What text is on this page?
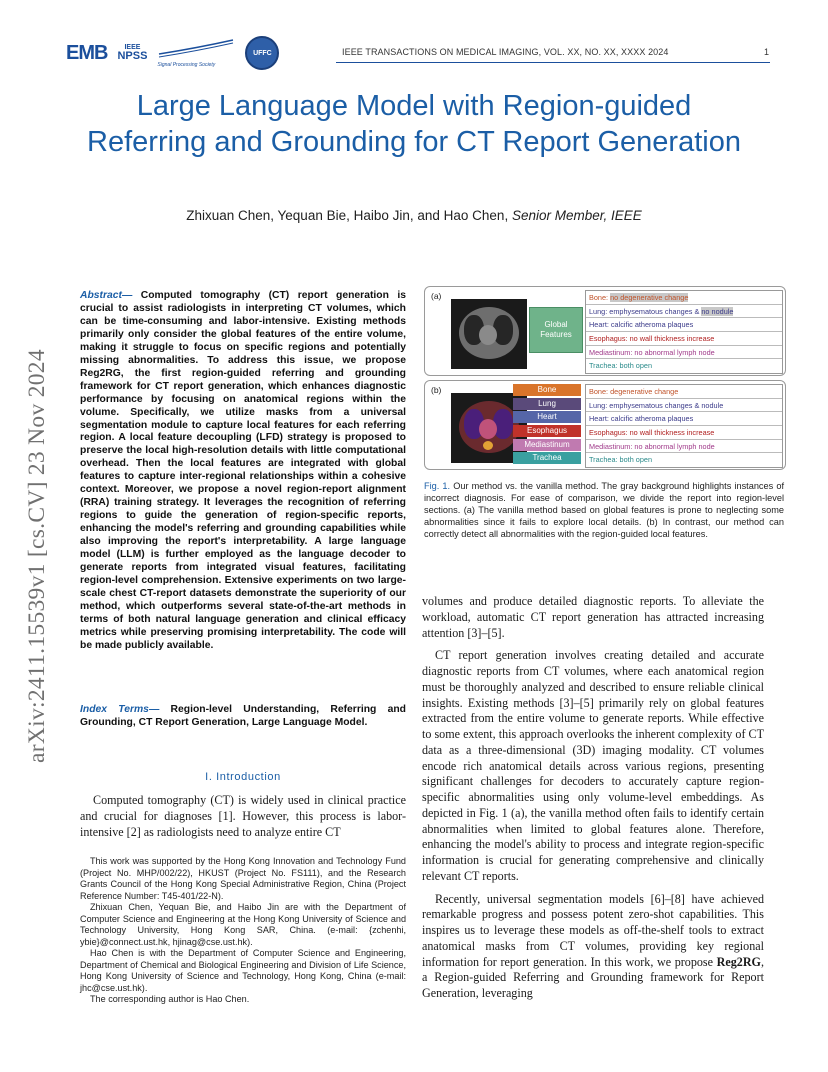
EMB IEEE
NPSS
Signal Processing Society
UFFC	IEEE TRANSACTIONS ON MEDICAL IMAGING, VOL. XX, NO. XX, XXXX 2024	1
Large Language Model with Region-guided Referring and Grounding for CT Report Generation
Zhixuan Chen, Yequan Bie, Haibo Jin, and Hao Chen, Senior Member, IEEE
arXiv:2411.15539v1 [cs.CV] 23 Nov 2024
Abstract— Computed tomography (CT) report generation is crucial to assist radiologists in interpreting CT volumes, which can be time-consuming and labor-intensive. Existing methods primarily only consider the global features of the entire volume, making it struggle to focus on specific regions and potentially missing abnormalities. To address this issue, we propose Reg2RG, the first region-guided referring and grounding framework for CT report generation, which enhances diagnostic performance by focusing on anatomical regions within the volume. Specifically, we utilize masks from a universal segmentation module to capture local features for each referring region. A local feature decoupling (LFD) strategy is proposed to preserve the local high-resolution details with little computational overhead. Then the local features are integrated with global features to capture inter-regional relationships within a cohesive context. Moreover, we propose a novel region-report alignment (RRA) training strategy. It leverages the recognition of referring regions to guide the generation of region-specific reports, enhancing the model's referring and grounding capabilities while also improving the report's interpretability. A large language model (LLM) is further employed as the language decoder to generate reports from integrated visual features, facilitating region-level comprehension. Extensive experiments on two large-scale chest CT-report datasets demonstrate the superiority of our method, which outperforms several state-of-the-art methods in terms of both natural language generation and clinical efficacy metrics while preserving promising interpretability. The code will be made publicly available.
Index Terms— Region-level Understanding, Referring and Grounding, CT Report Generation, Large Language Model.
I. Introduction
Computed tomography (CT) is widely used in clinical practice and crucial for diagnoses [1]. However, this process is labor-intensive [2] as radiologists need to analyze entire CT

This work was supported by the Hong Kong Innovation and Technology Fund (Project No. MHP/002/22), HKUST (Project No. FS111), and the Research Grants Council of the Hong Kong Special Administrative Region, China (Project Reference Number: T45-401/22-N).

Zhixuan Chen, Yequan Bie, and Haibo Jin are with the Department of Computer Science and Engineering at the Hong Kong University of Science and Technology University, Hong Kong SAR, China. (e-mail: {zchenhi, ybie}@connect.ust.hk, hjinag@cse.ust.hk).

Hao Chen is with the Department of Computer Science and Engineering, Department of Chemical and Biological Engineering and Division of Life Science, Hong Kong University of Science and Technology, Hong Kong, China (e-mail: jhc@cse.ust.hk).

The corresponding author is Hao Chen.

(a)
Global
Features
Bone: no degenerative change
Lung: emphysematous changes & no nodule
Heart: calcific atheroma plaques
Esophagus: no wall thickness increase
Mediastinum: no abnormal lymph node
Trachea: both open
(b)	Bone
Lung
Heart
Esophagus
Mediastinum
Trachea
Bone: degenerative change
Lung: emphysematous changes & nodule
Heart: calcific atheroma plaques
Esophagus: no wall thickness increase
Mediastinum: no abnormal lymph node
Trachea: both open
Fig. 1. Our method vs. the vanilla method. The gray background highlights instances of incorrect diagnosis. For ease of comparison, we divide the report into region-level sections. (a) The vanilla method based on global features is prone to neglecting some abnormalities since it fails to explore local details. (b) In contrast, our method can correctly detect all abnormalities with the region-guided local features.

volumes and produce detailed diagnostic reports. To alleviate the workload, automatic CT report generation has attracted increasing attention [3]–[5].

CT report generation involves creating detailed and accurate diagnostic reports from CT volumes, where each anatomical region must be thoroughly analyzed and described to ensure reliable clinical insights. Existing methods [3]–[5] primarily rely on global features extracted from the entire volume to generate reports. While effective to some extent, this approach overlooks the inherent complexity of CT data as a three-dimensional (3D) imaging modality. CT volumes encode rich anatomical details across various regions, presenting significant challenges for decoders to accurately capture region-specific abnormalities using only volume-level embeddings. As depicted in Fig. 1 (a), the vanilla method often fails to identify certain abnormalities when limited to global features alone. Therefore, enhancing the model's ability to process and integrate region-specific information is crucial for generating comprehensive and clinically relevant CT reports.

Recently, universal segmentation models [6]–[8] have achieved remarkable progress and possess potent zero-shot capabilities. This inspires us to leverage these models as off-the-shelf tools to extract anatomical masks from CT volumes, providing key regional information for report generation. In this work, we propose Reg2RG, a Region-guided Referring and Grounding framework for Report Generation, leveraging
